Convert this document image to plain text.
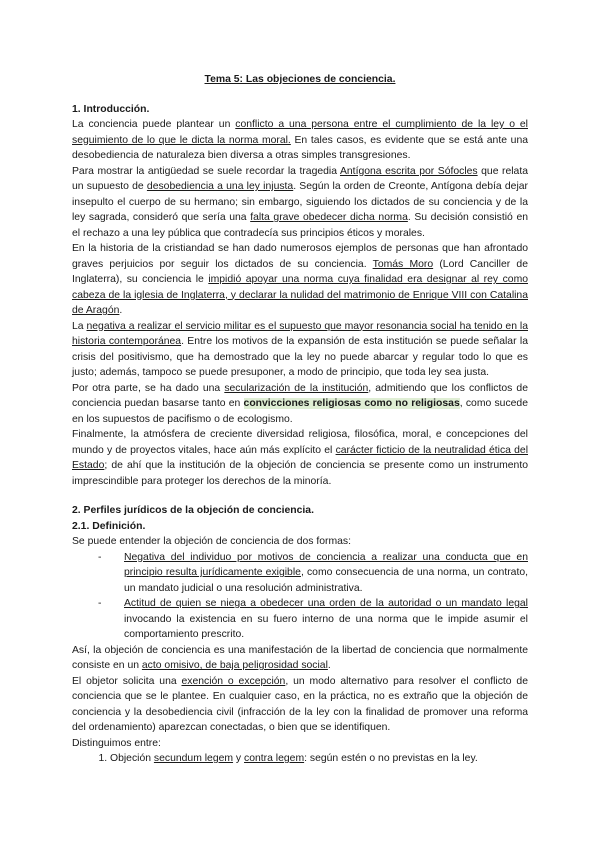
Tema 5: Las objeciones de conciencia.
1. Introducción.

La conciencia puede plantear un conflicto a una persona entre el cumplimiento de la ley o el seguimiento de lo que le dicta la norma moral. En tales casos, es evidente que se está ante una desobediencia de naturaleza bien diversa a otras simples transgresiones.

Para mostrar la antigüedad se suele recordar la tragedia Antígona escrita por Sófocles que relata un supuesto de desobediencia a una ley injusta. Según la orden de Creonte, Antígona debía dejar insepulto el cuerpo de su hermano; sin embargo, siguiendo los dictados de su conciencia y de la ley sagrada, consideró que sería una falta grave obedecer dicha norma. Su decisión consistió en el rechazo a una ley pública que contradecía sus principios éticos y morales.

En la historia de la cristiandad se han dado numerosos ejemplos de personas que han afrontado graves perjuicios por seguir los dictados de su conciencia. Tomás Moro (Lord Canciller de Inglaterra), su conciencia le impidió apoyar una norma cuya finalidad era designar al rey como cabeza de la iglesia de Inglaterra, y declarar la nulidad del matrimonio de Enrique VIII con Catalina de Aragón.

La negativa a realizar el servicio militar es el supuesto que mayor resonancia social ha tenido en la historia contemporánea. Entre los motivos de la expansión de esta institución se puede señalar la crisis del positivismo, que ha demostrado que la ley no puede abarcar y regular todo lo que es justo; además, tampoco se puede presuponer, a modo de principio, que toda ley sea justa.

Por otra parte, se ha dado una secularización de la institución, admitiendo que los conflictos de conciencia puedan basarse tanto en convicciones religiosas como no religiosas, como sucede en los supuestos de pacifismo o de ecologismo.

Finalmente, la atmósfera de creciente diversidad religiosa, filosófica, moral, e concepciones del mundo y de proyectos vitales, hace aún más explícito el carácter ficticio de la neutralidad ética del Estado; de ahí que la institución de la objeción de conciencia se presente como un instrumento imprescindible para proteger los derechos de la minoría.

2. Perfiles jurídicos de la objeción de conciencia.
2.1. Definición.

Se puede entender la objeción de conciencia de dos formas:

- Negativa del individuo por motivos de conciencia a realizar una conducta que en principio resulta jurídicamente exigible, como consecuencia de una norma, un contrato, un mandato judicial o una resolución administrativa.
- Actitud de quien se niega a obedecer una orden de la autoridad o un mandato legal invocando la existencia en su fuero interno de una norma que le impide asumir el comportamiento prescrito.

Así, la objeción de conciencia es una manifestación de la libertad de conciencia que normalmente consiste en un acto omisivo, de baja peligrosidad social.

El objetor solicita una exención o excepción, un modo alternativo para resolver el conflicto de conciencia que se le plantee. En cualquier caso, en la práctica, no es extraño que la objeción de conciencia y la desobediencia civil (infracción de la ley con la finalidad de promover una reforma del ordenamiento) aparezcan conectadas, o bien que se identifiquen.

Distinguimos entre:

1. Objeción secundum legem y contra legem: según estén o no previstas en la ley.
